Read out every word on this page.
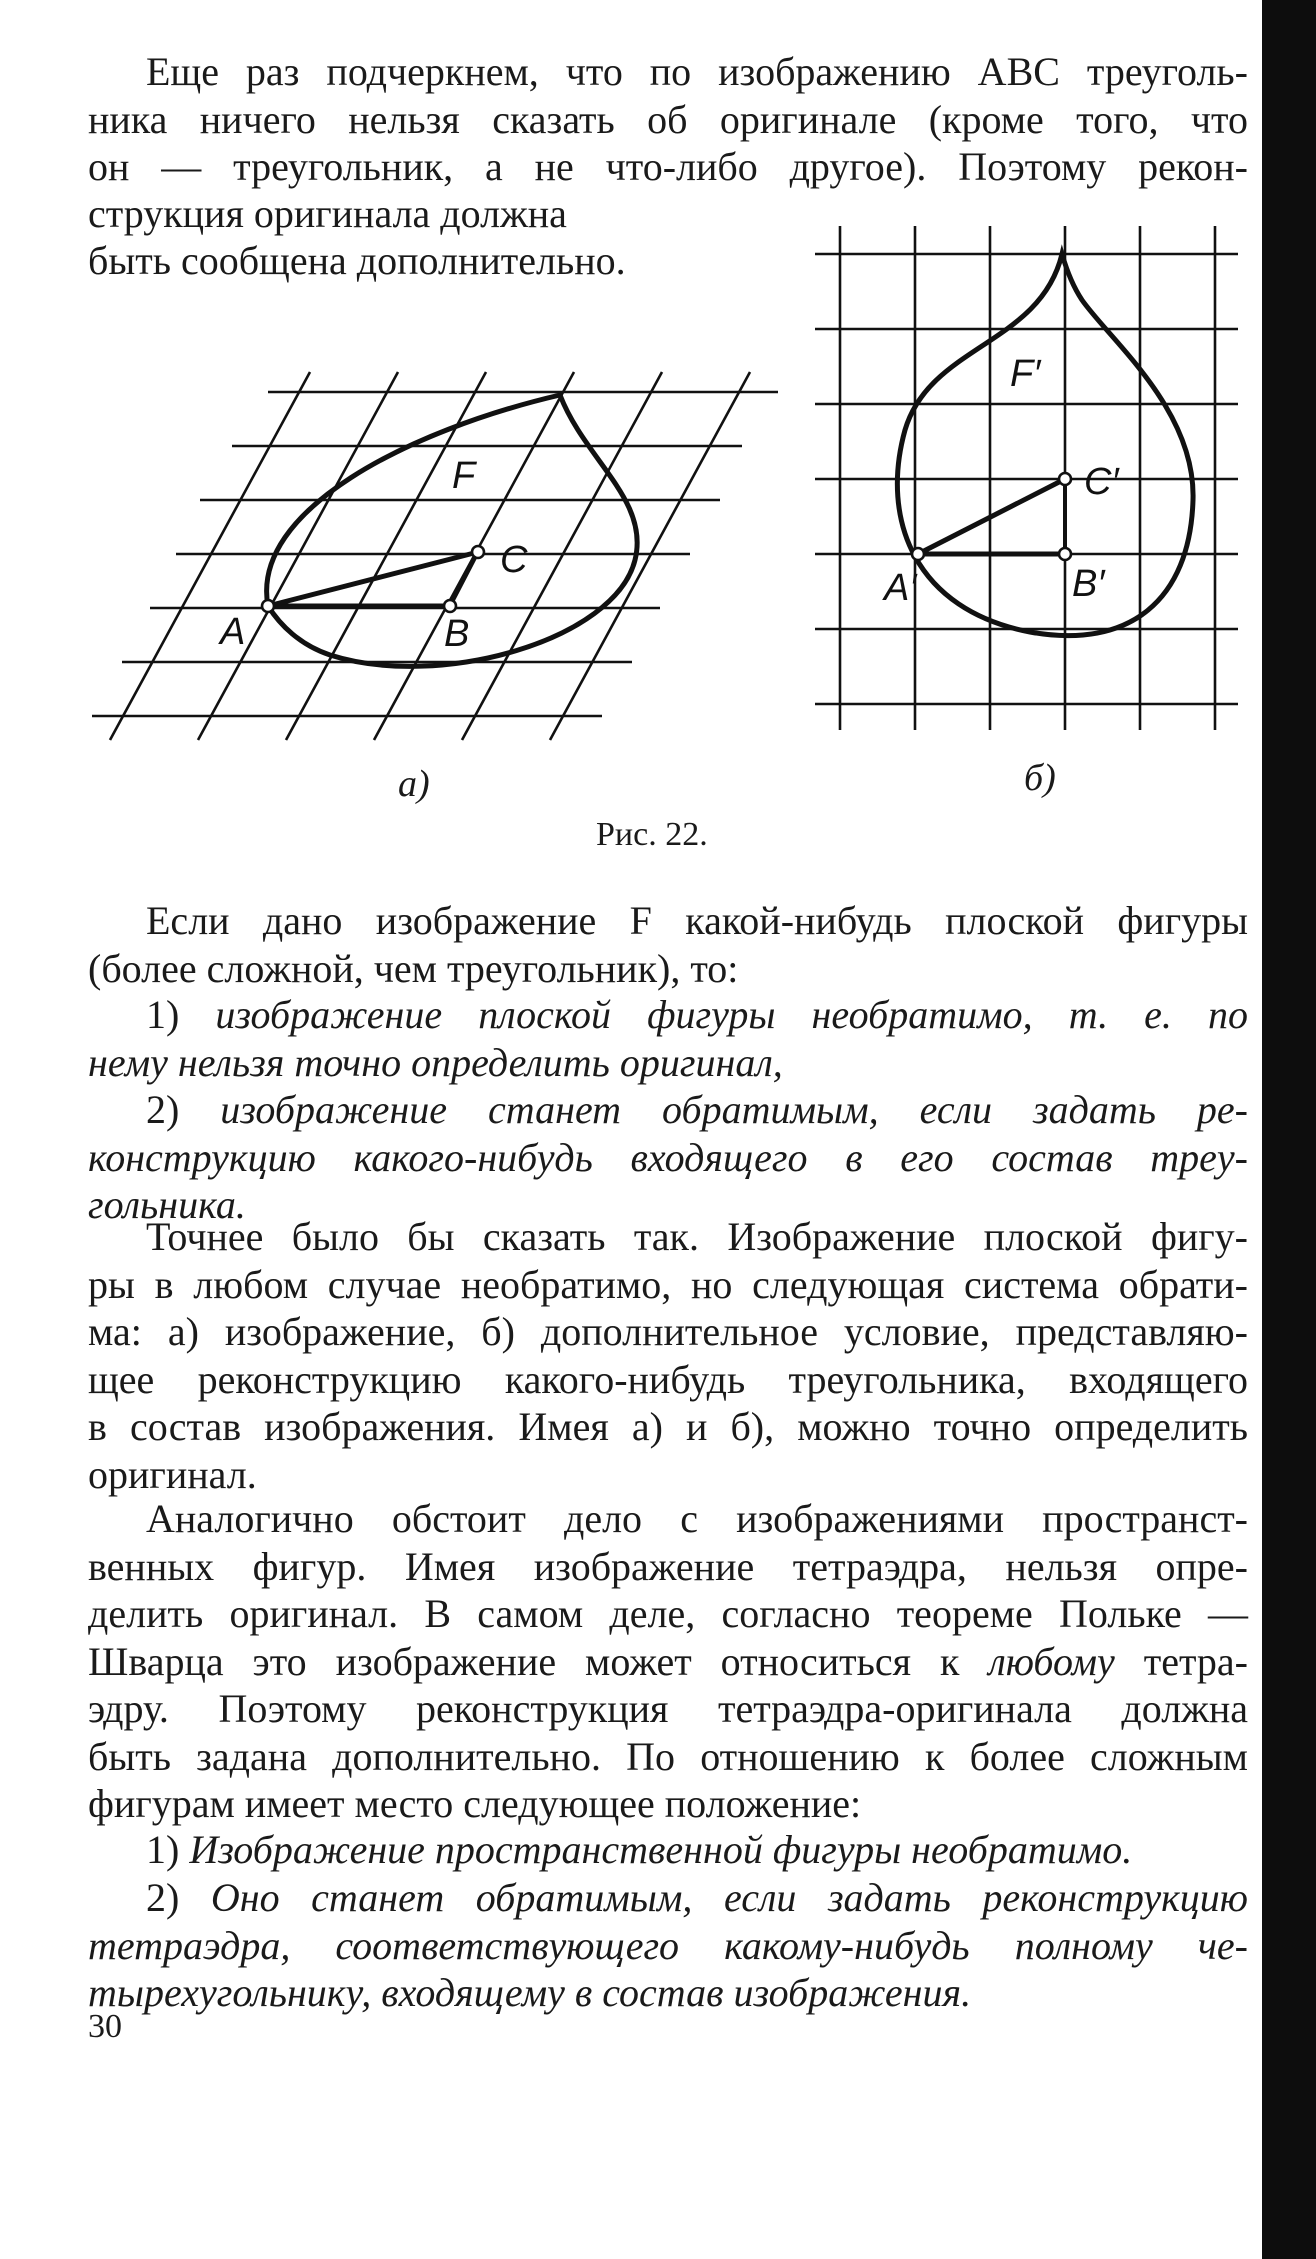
Еще раз подчеркнем, что по изображению ABC треуголь-
ника ничего нельзя сказать об оригинале (кроме того, что
он — треугольник, а не что-либо другое). Поэтому рекон-

струкция оригинала должна
быть сообщена дополнительно.
F
A	B
C
F′
A′	B′
C′
а)	б)
Рис. 22.

Если дано изображение F какой-нибудь плоской фигуры
(более сложной, чем треугольник), то:

1) изображение плоской фигуры необратимо, т. е. по
нему нельзя точно определить оригинал,

2) изображение станет обратимым, если задать ре-
конструкцию какого-нибудь входящего в его состав треу-
гольника.

Точнее было бы сказать так. Изображение плоской фигу-
ры в любом случае необратимо, но следующая система обрати-
ма: а) изображение, б) дополнительное условие, представляю-
щее реконструкцию какого-нибудь треугольника, входящего
в состав изображения. Имея а) и б), можно точно определить
оригинал.

Аналогично обстоит дело с изображениями пространст-
венных фигур. Имея изображение тетраэдра, нельзя опре-
делить оригинал. В самом деле, согласно теореме Польке —
Шварца это изображение может относиться к любому тетра-
эдру. Поэтому реконструкция тетраэдра-оригинала должна
быть задана дополнительно. По отношению к более сложным
фигурам имеет место следующее положение:

1) Изображение пространственной фигуры необратимо.

2) Оно станет обратимым, если задать реконструкцию
тетраэдра, соответствующего какому-нибудь полному че-
тырехугольнику, входящему в состав изображения.

30
